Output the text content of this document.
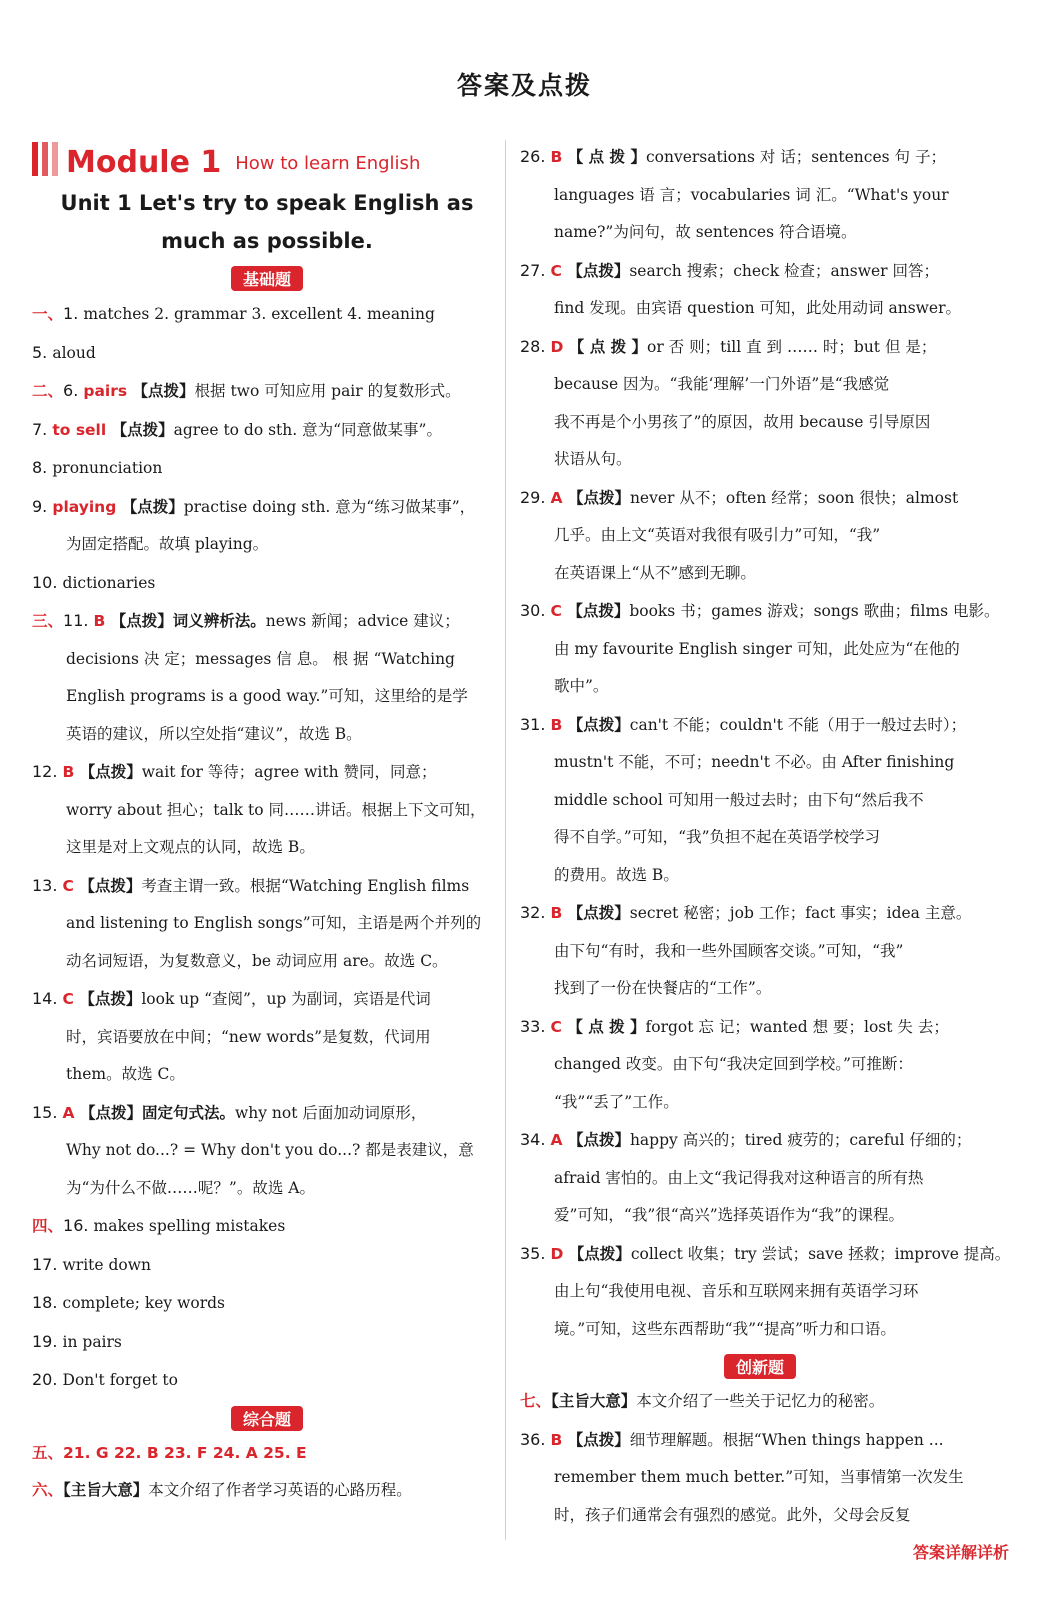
答案及点拨
Module 1 How to learn English
Unit 1 Let's try to speak English as
much as possible.
基础题
一、1. matches 2. grammar 3. excellent 4. meaning
5. aloud
二、6. pairs 【点拨】根据 two 可知应用 pair 的复数形式。
7. to sell 【点拨】agree to do sth. 意为“同意做某事”。
8. pronunciation
9. playing 【点拨】practise doing sth. 意为“练习做某事”，
为固定搭配。故填 playing。
10. dictionaries
三、11. B 【点拨】词义辨析法。news 新闻；advice 建议；
decisions 决 定；messages 信 息。 根 据 “Watching
English programs is a good way.”可知，这里给的是学
英语的建议，所以空处指“建议”，故选 B。
12. B 【点拨】wait for 等待；agree with 赞同，同意；
worry about 担心；talk to 同……讲话。根据上下文可知，
这里是对上文观点的认同，故选 B。
13. C 【点拨】考查主谓一致。根据“Watching English films
and listening to English songs”可知，主语是两个并列的
动名词短语，为复数意义，be 动词应用 are。故选 C。
14. C 【点拨】look up “查阅”，up 为副词，宾语是代词
时，宾语要放在中间；“new words”是复数，代词用
them。故选 C。
15. A 【点拨】固定句式法。why not 后面加动词原形，
Why not do...? = Why don't you do...? 都是表建议，意
为“为什么不做……呢？”。故选 A。
四、16. makes spelling mistakes
17. write down
18. complete; key words
19. in pairs
20. Don't forget to
综合题
五、21. G 22. B 23. F 24. A 25. E
六、【主旨大意】本文介绍了作者学习英语的心路历程。
26. B 【 点 拨 】conversations 对 话；sentences 句 子；
languages 语 言；vocabularies 词 汇。“What's your
name?”为问句，故 sentences 符合语境。
27. C 【点拨】search 搜索；check 检查；answer 回答；
find 发现。由宾语 question 可知，此处用动词 answer。
28. D 【 点 拨 】or 否 则；till 直 到 …… 时；but 但 是；
because 因为。“我能‘理解’一门外语”是“我感觉
我不再是个小男孩了”的原因，故用 because 引导原因
状语从句。
29. A 【点拨】never 从不；often 经常；soon 很快；almost
几乎。由上文“英语对我很有吸引力”可知，“我”
在英语课上“从不”感到无聊。
30. C 【点拨】books 书；games 游戏；songs 歌曲；films 电影。
由 my favourite English singer 可知，此处应为“在他的
歌中”。
31. B 【点拨】can't 不能；couldn't 不能（用于一般过去时）；
mustn't 不能，不可；needn't 不必。由 After finishing
middle school 可知用一般过去时；由下句“然后我不
得不自学。”可知，“我”负担不起在英语学校学习
的费用。故选 B。
32. B 【点拨】secret 秘密；job 工作；fact 事实；idea 主意。
由下句“有时，我和一些外国顾客交谈。”可知，“我”
找到了一份在快餐店的“工作”。
33. C 【 点 拨 】forgot 忘 记；wanted 想 要；lost 失 去；
changed 改变。由下句“我决定回到学校。”可推断：
“我”“丢了”工作。
34. A 【点拨】happy 高兴的；tired 疲劳的；careful 仔细的；
afraid 害怕的。由上文“我记得我对这种语言的所有热
爱”可知，“我”很“高兴”选择英语作为“我”的课程。
35. D 【点拨】collect 收集；try 尝试；save 拯救；improve 提高。
由上句“我使用电视、音乐和互联网来拥有英语学习环
境。”可知，这些东西帮助“我”“提高”听力和口语。
创新题
七、【主旨大意】本文介绍了一些关于记忆力的秘密。
36. B 【点拨】细节理解题。根据“When things happen ...
remember them much better.”可知，当事情第一次发生
时，孩子们通常会有强烈的感觉。此外，父母会反复
答案详解详析
